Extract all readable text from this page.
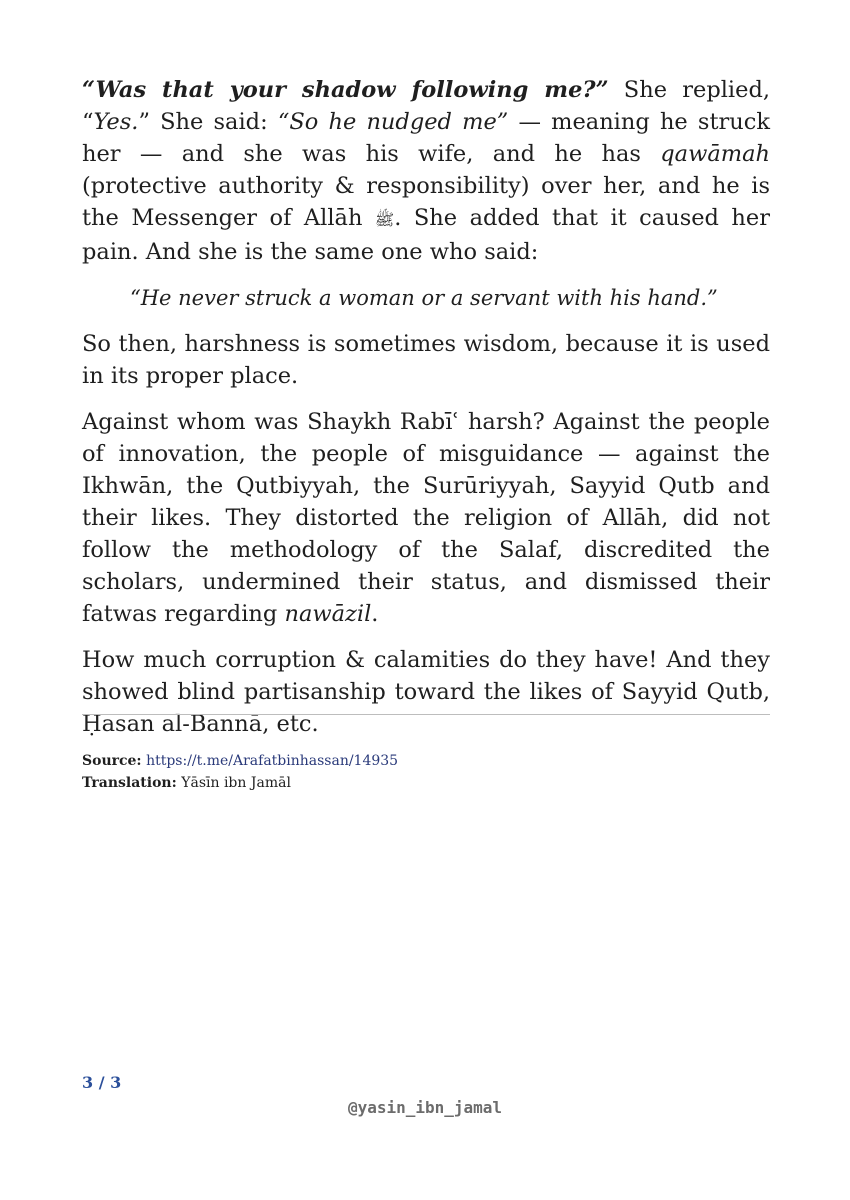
“Was that your shadow following me?” She replied, “Yes.” She said: “So he nudged me” — meaning he struck her — and she was his wife, and he has qawāmah (protective authority & responsibility) over her, and he is the Messenger of Allāh ﷺ. She added that it caused her pain. And she is the same one who said:

“He never struck a woman or a servant with his hand.”

So then, harshness is sometimes wisdom, because it is used in its proper place.

Against whom was Shaykh Rabīʿ harsh? Against the people of innovation, the people of misguidance — against the Ikhwān, the Qutbiyyah, the Surūriyyah, Sayyid Qutb and their likes. They distorted the religion of Allāh, did not follow the methodology of the Salaf, discredited the scholars, undermined their status, and dismissed their fatwas regarding nawāzil.

How much corruption & calamities do they have! And they showed blind partisanship toward the likes of Sayyid Qutb, Ḥasan al-Bannā, etc.

Source: https://t.me/Arafatbinhassan/14935
Translation: Yāsīn ibn Jamāl
3 / 3
@yasin_ibn_jamal
